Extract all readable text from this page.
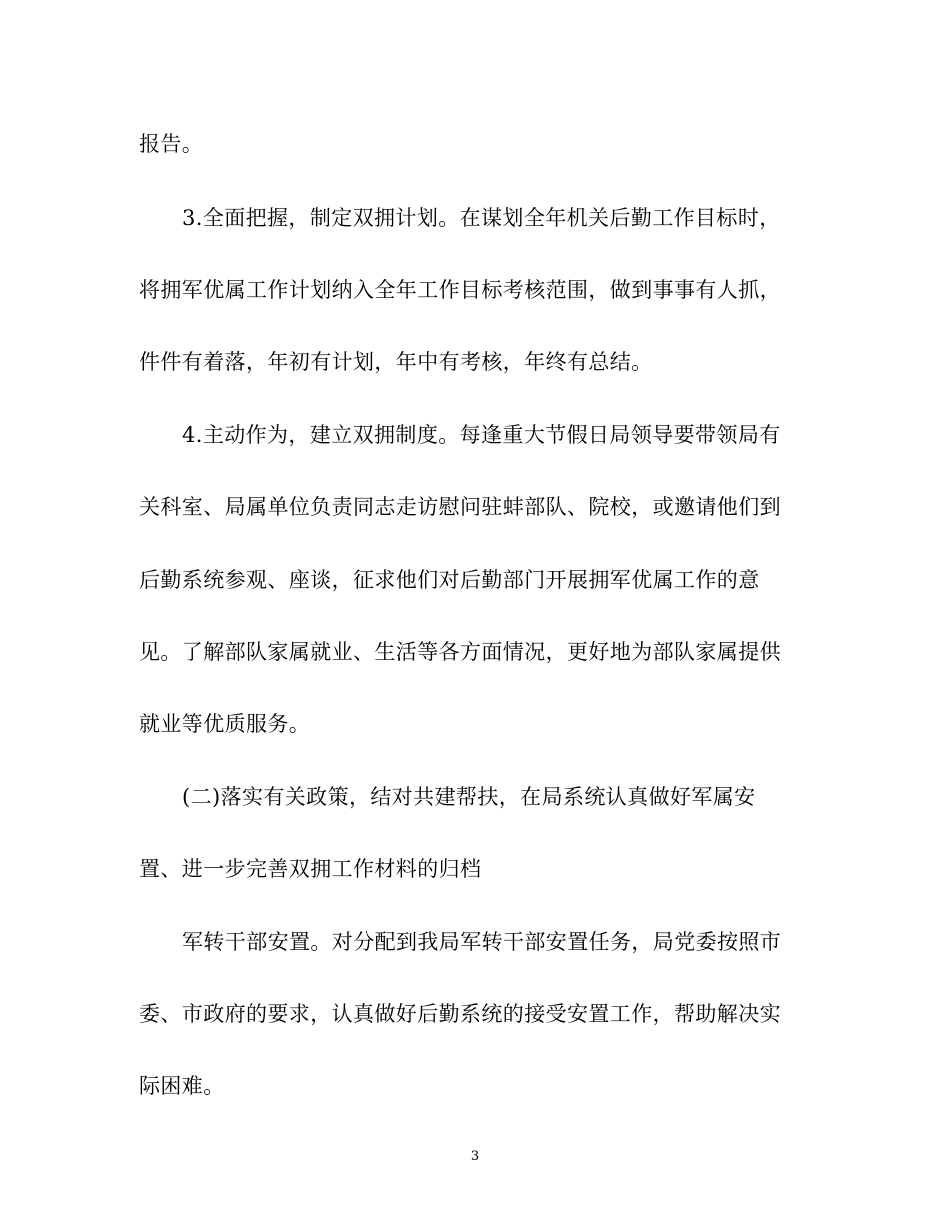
报告。
3.全面把握，制定双拥计划。在谋划全年机关后勤工作目标时，
将拥军优属工作计划纳入全年工作目标考核范围，做到事事有人抓，
件件有着落，年初有计划，年中有考核，年终有总结。
4.主动作为，建立双拥制度。每逢重大节假日局领导要带领局有
关科室、局属单位负责同志走访慰问驻蚌部队、院校，或邀请他们到
后勤系统参观、座谈，征求他们对后勤部门开展拥军优属工作的意
见。了解部队家属就业、生活等各方面情况，更好地为部队家属提供
就业等优质服务。
(二)落实有关政策，结对共建帮扶，在局系统认真做好军属安
置、进一步完善双拥工作材料的归档
军转干部安置。对分配到我局军转干部安置任务，局党委按照市
委、市政府的要求，认真做好后勤系统的接受安置工作，帮助解决实
际困难。
3
